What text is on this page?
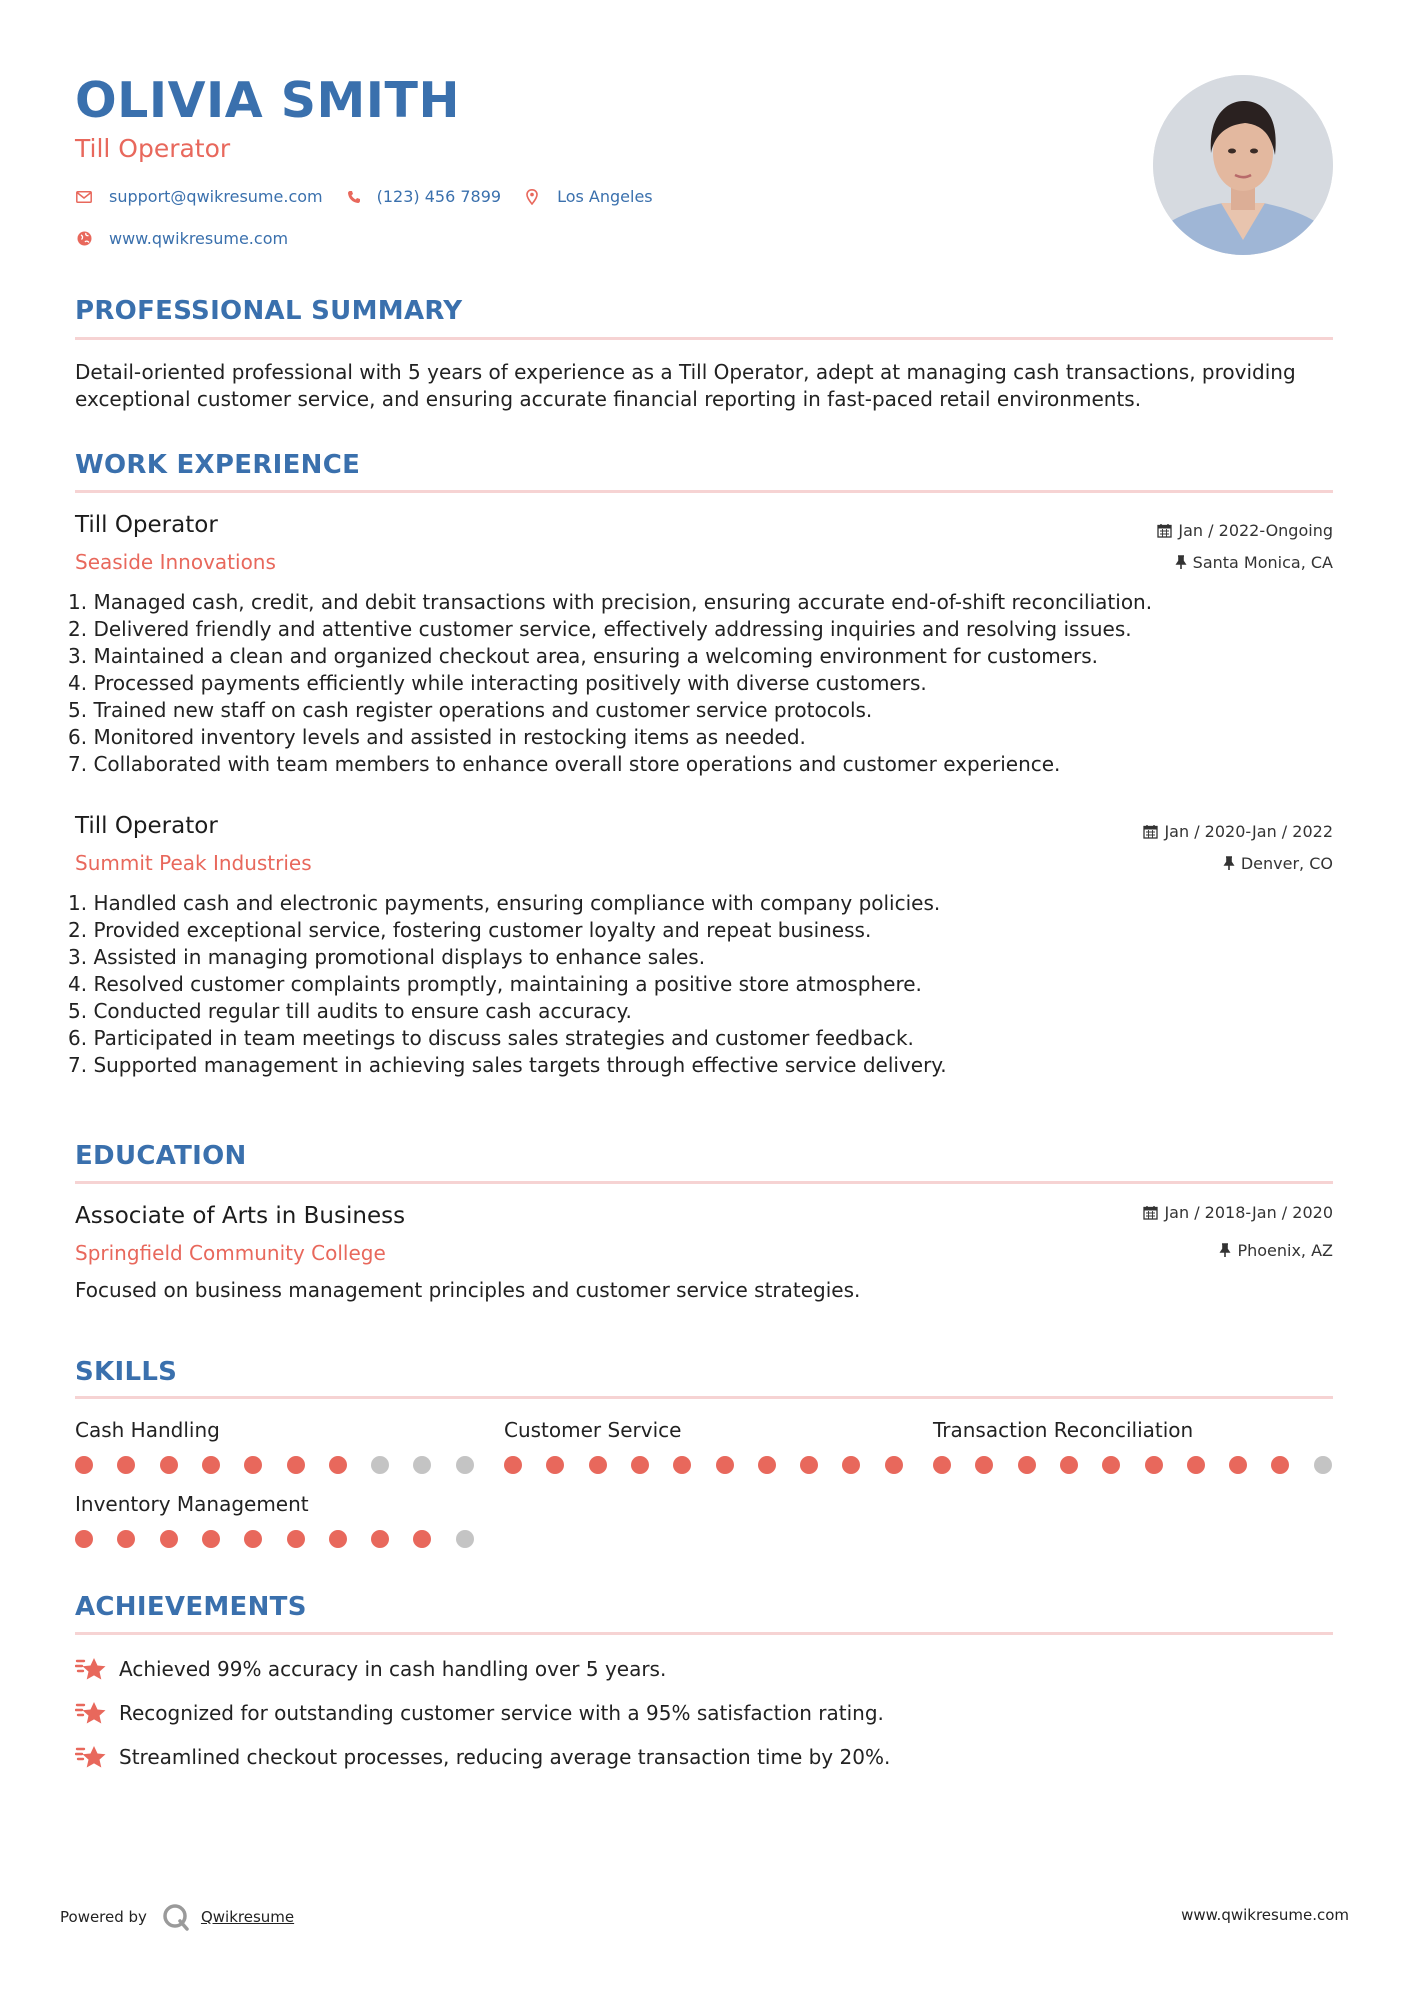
OLIVIA SMITH
Till Operator
support@qwikresume.com	(123) 456 7899	Los Angeles
www.qwikresume.com
PROFESSIONAL SUMMARY

Detail-oriented professional with 5 years of experience as a Till Operator, adept at managing cash transactions, providing exceptional customer service, and ensuring accurate financial reporting in fast-paced retail environments.

WORK EXPERIENCE
Till Operator
Seaside Innovations
Jan / 2022-Ongoing
Santa Monica, CA
1. Managed cash, credit, and debit transactions with precision, ensuring accurate end-of-shift reconciliation.
2. Delivered friendly and attentive customer service, effectively addressing inquiries and resolving issues.
3. Maintained a clean and organized checkout area, ensuring a welcoming environment for customers.
4. Processed payments efficiently while interacting positively with diverse customers.
5. Trained new staff on cash register operations and customer service protocols.
6. Monitored inventory levels and assisted in restocking items as needed.
7. Collaborated with team members to enhance overall store operations and customer experience.
Till Operator
Summit Peak Industries
Jan / 2020-Jan / 2022
Denver, CO
1. Handled cash and electronic payments, ensuring compliance with company policies.
2. Provided exceptional service, fostering customer loyalty and repeat business.
3. Assisted in managing promotional displays to enhance sales.
4. Resolved customer complaints promptly, maintaining a positive store atmosphere.
5. Conducted regular till audits to ensure cash accuracy.
6. Participated in team meetings to discuss sales strategies and customer feedback.
7. Supported management in achieving sales targets through effective service delivery.
EDUCATION
Associate of Arts in Business
Springfield Community College
Jan / 2018-Jan / 2020
Phoenix, AZ

Focused on business management principles and customer service strategies.

SKILLS
Cash Handling	Customer Service	Transaction Reconciliation
Inventory Management
ACHIEVEMENTS
Achieved 99% accuracy in cash handling over 5 years.
Recognized for outstanding customer service with a 95% satisfaction rating.
Streamlined checkout processes, reducing average transaction time by 20%.
Powered by	Qwikresume	www.qwikresume.com
